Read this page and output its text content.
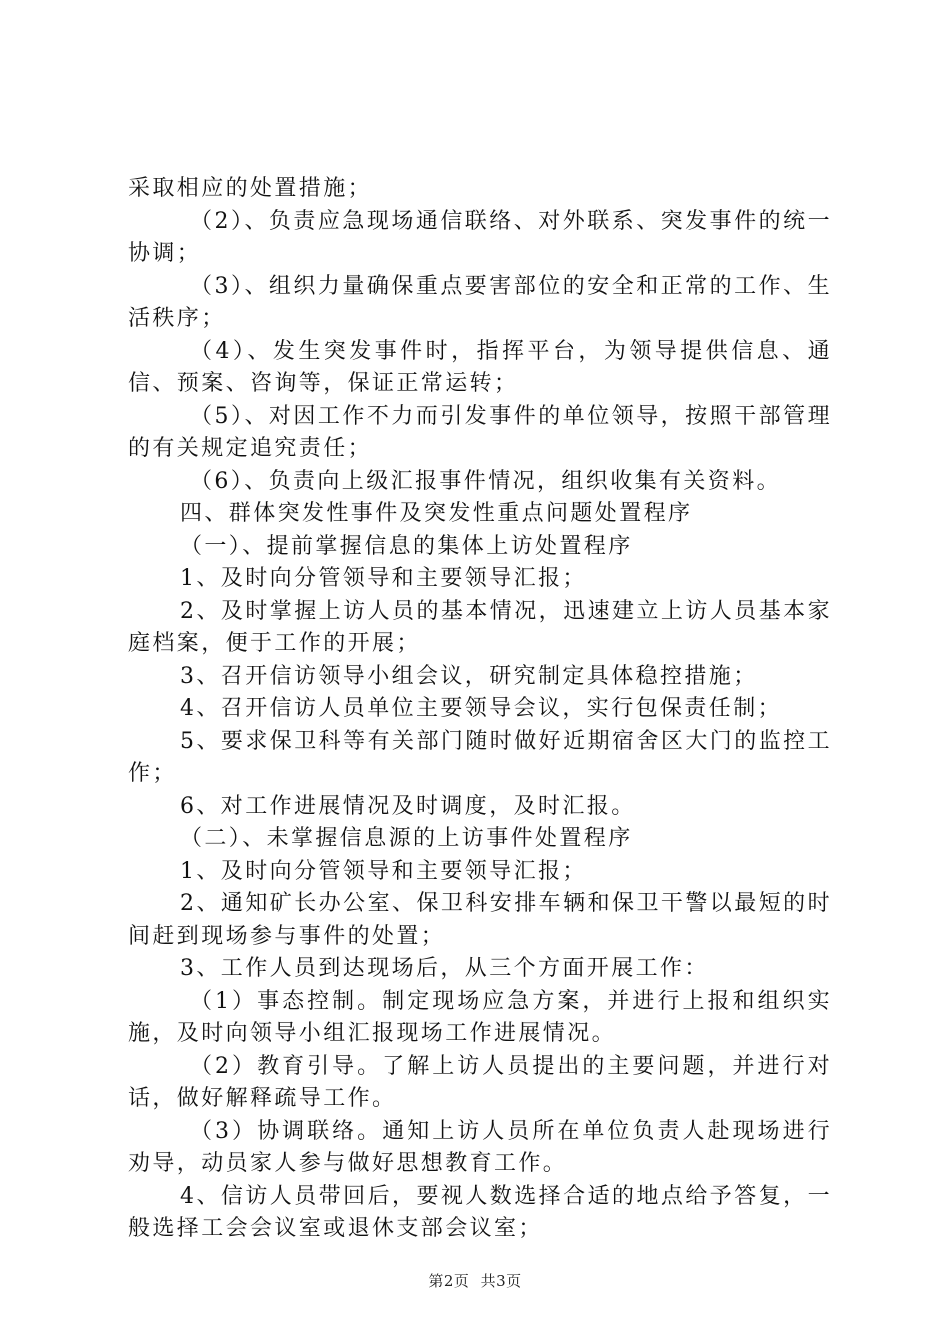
采取相应的处置措施；

（2）、负责应急现场通信联络、对外联系、突发事件的统一协调；

（3）、组织力量确保重点要害部位的安全和正常的工作、生活秩序；

（4）、发生突发事件时，指挥平台，为领导提供信息、通信、预案、咨询等，保证正常运转；

（5）、对因工作不力而引发事件的单位领导，按照干部管理的有关规定追究责任；

（6）、负责向上级汇报事件情况，组织收集有关资料。

四、群体突发性事件及突发性重点问题处置程序

（一）、提前掌握信息的集体上访处置程序

1、及时向分管领导和主要领导汇报；

2、及时掌握上访人员的基本情况，迅速建立上访人员基本家庭档案，便于工作的开展；

3、召开信访领导小组会议，研究制定具体稳控措施；

4、召开信访人员单位主要领导会议，实行包保责任制；

5、要求保卫科等有关部门随时做好近期宿舍区大门的监控工作；

6、对工作进展情况及时调度，及时汇报。

（二）、未掌握信息源的上访事件处置程序

1、及时向分管领导和主要领导汇报；

2、通知矿长办公室、保卫科安排车辆和保卫干警以最短的时间赶到现场参与事件的处置；

3、工作人员到达现场后，从三个方面开展工作：

（1）事态控制。制定现场应急方案，并进行上报和组织实施，及时向领导小组汇报现场工作进展情况。

（2）教育引导。了解上访人员提出的主要问题，并进行对话，做好解释疏导工作。

（3）协调联络。通知上访人员所在单位负责人赴现场进行劝导，动员家人参与做好思想教育工作。

4、信访人员带回后，要视人数选择合适的地点给予答复，一般选择工会会议室或退休支部会议室；

第2页 共3页
